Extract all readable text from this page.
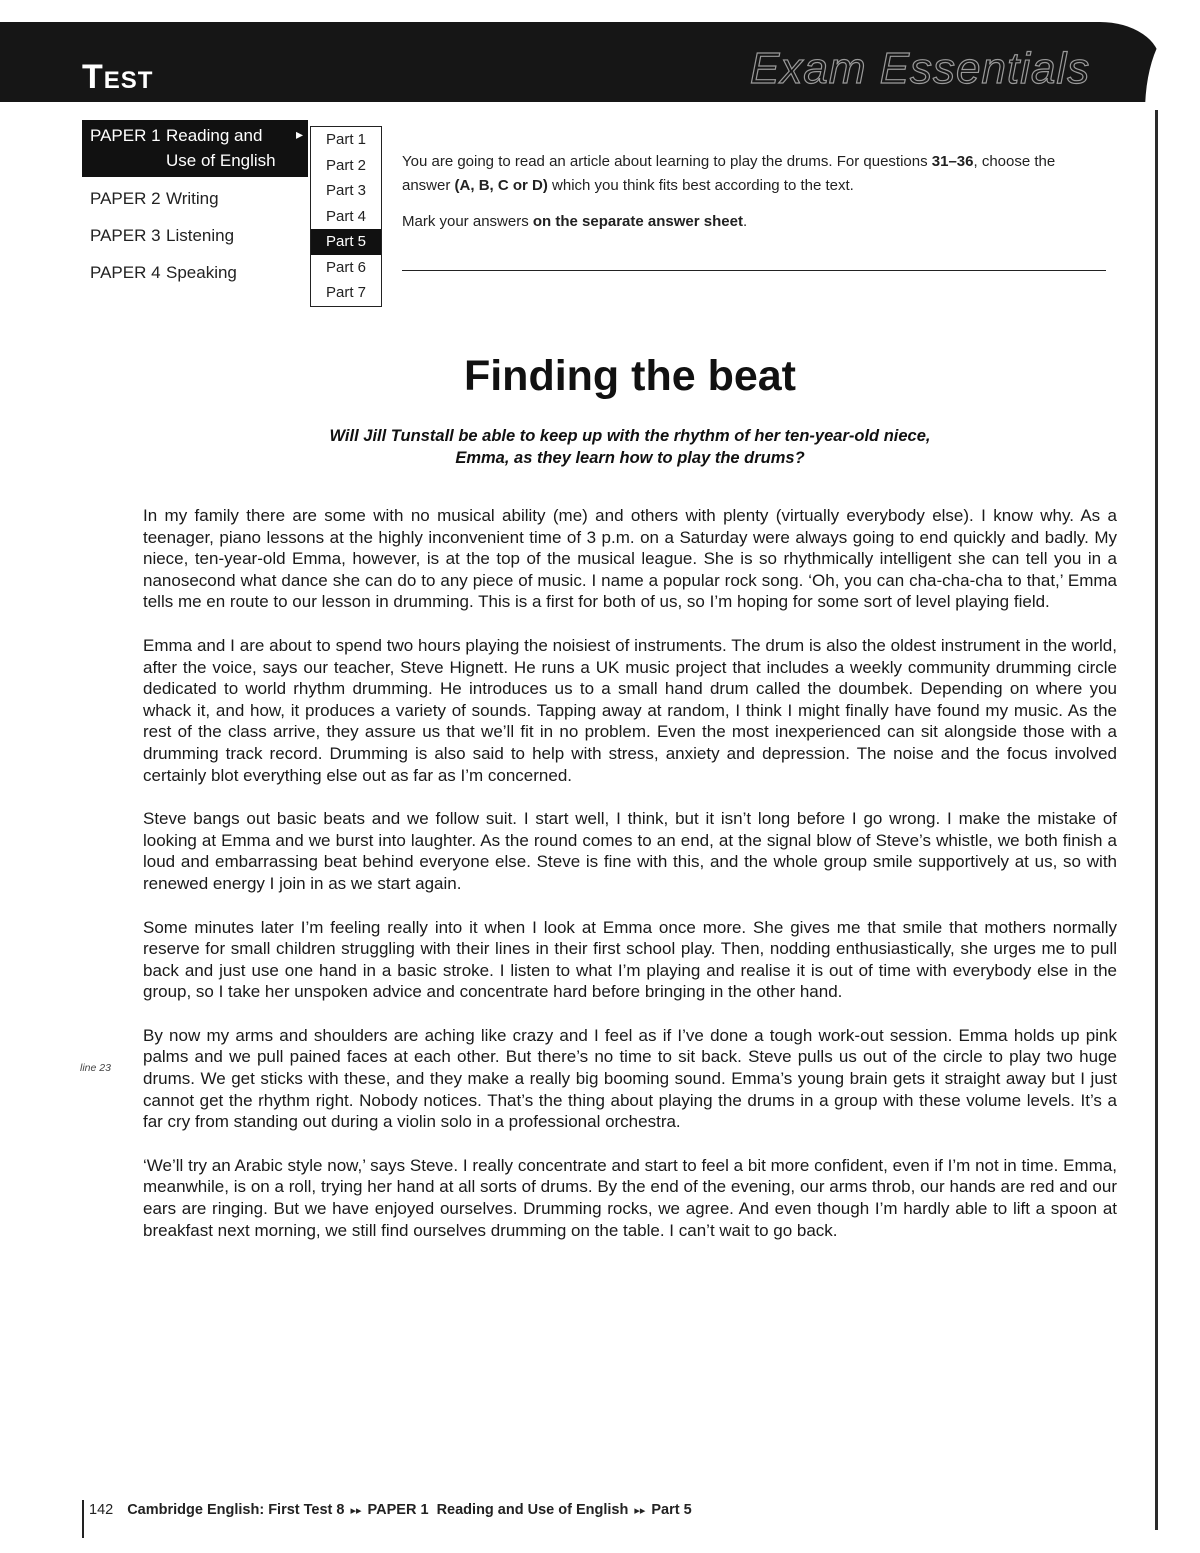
Test	Exam Essentials
PAPER 1 Reading and
Use of English ▸
PAPER 2 Writing
PAPER 3 Listening
PAPER 4 Speaking
Part 1
Part 2
Part 3
Part 4
Part 5
Part 6
Part 7

You are going to read an article about learning to play the drums. For questions 31–36, choose the answer (A, B, C or D) which you think fits best according to the text.

Mark your answers on the separate answer sheet.

Finding the beat
Will Jill Tunstall be able to keep up with the rhythm of her ten-year-old niece,
Emma, as they learn how to play the drums?

In my family there are some with no musical ability (me) and others with plenty (virtually everybody else). I know why. As a teenager, piano lessons at the highly inconvenient time of 3 p.m. on a Saturday were always going to end quickly and badly. My niece, ten-year-old Emma, however, is at the top of the musical league. She is so rhythmically intelligent she can tell you in a nanosecond what dance she can do to any piece of music. I name a popular rock song. ‘Oh, you can cha-cha-cha to that,’ Emma tells me en route to our lesson in drumming. This is a first for both of us, so I’m hoping for some sort of level playing field.

Emma and I are about to spend two hours playing the noisiest of instruments. The drum is also the oldest instrument in the world, after the voice, says our teacher, Steve Hignett. He runs a UK music project that includes a weekly community drumming circle dedicated to world rhythm drumming. He introduces us to a small hand drum called the doumbek. Depending on where you whack it, and how, it produces a variety of sounds. Tapping away at random, I think I might finally have found my music. As the rest of the class arrive, they assure us that we’ll fit in no problem. Even the most inexperienced can sit alongside those with a drumming track record. Drumming is also said to help with stress, anxiety and depression. The noise and the focus involved certainly blot everything else out as far as I’m concerned.

Steve bangs out basic beats and we follow suit. I start well, I think, but it isn’t long before I go wrong. I make the mistake of looking at Emma and we burst into laughter. As the round comes to an end, at the signal blow of Steve’s whistle, we both finish a loud and embarrassing beat behind everyone else. Steve is fine with this, and the whole group smile supportively at us, so with renewed energy I join in as we start again.

Some minutes later I’m feeling really into it when I look at Emma once more. She gives me that smile that mothers normally reserve for small children struggling with their lines in their first school play. Then, nodding enthusiastically, she urges me to pull back and just use one hand in a basic stroke. I listen to what I’m playing and realise it is out of time with everybody else in the group, so I take her unspoken advice and concentrate hard before bringing in the other hand.

By now my arms and shoulders are aching like crazy and I feel as if I’ve done a tough work-out session. Emma holds up pink palms and we pull pained faces at each other. But there’s no time to sit back. Steve pulls us out of the circle to play two huge drums. We get sticks with these, and they make a really big booming sound. Emma’s young brain gets it straight away but I just cannot get the rhythm right. Nobody notices. That’s the thing about playing the drums in a group with these volume levels. It’s a far cry from standing out during a violin solo in a professional orchestra.

‘We’ll try an Arabic style now,’ says Steve. I really concentrate and start to feel a bit more confident, even if I’m not in time. Emma, meanwhile, is on a roll, trying her hand at all sorts of drums. By the end of the evening, our arms throb, our hands are red and our ears are ringing. But we have enjoyed ourselves. Drumming rocks, we agree. And even though I’m hardly able to lift a spoon at breakfast next morning, we still find ourselves drumming on the table. I can’t wait to go back.

line 23
142 Cambridge English: First Test 8 ▸▸ PAPER 1 Reading and Use of English ▸▸ Part 5
